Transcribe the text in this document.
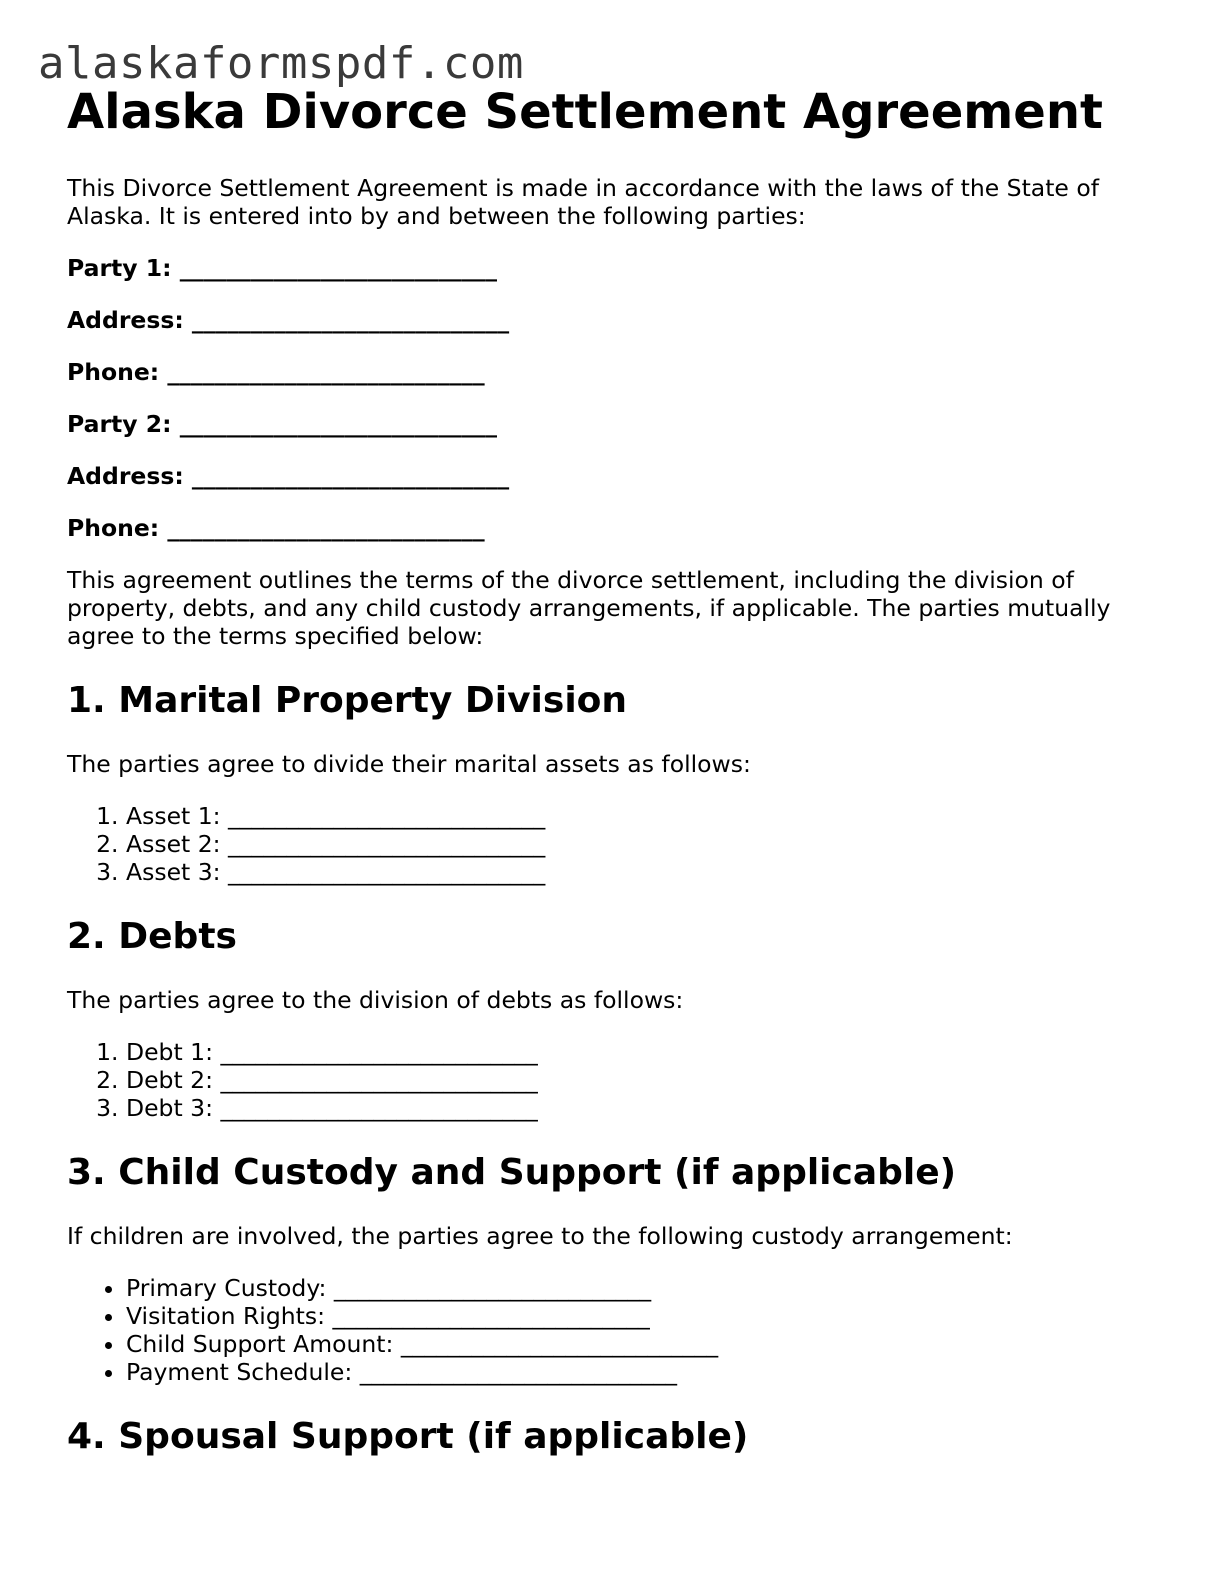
alaskaformspdf.com
Alaska Divorce Settlement Agreement

This Divorce Settlement Agreement is made in accordance with the laws of the State of Alaska. It is entered into by and between the following parties:

Party 1: ___________________________

Address: ___________________________

Phone: ___________________________

Party 2: ___________________________

Address: ___________________________

Phone: ___________________________

This agreement outlines the terms of the divorce settlement, including the division of property, debts, and any child custody arrangements, if applicable. The parties mutually agree to the terms specified below:

1. Marital Property Division

The parties agree to divide their marital assets as follows:

1. Asset 1: ___________________________
2. Asset 2: ___________________________
3. Asset 3: ___________________________
2. Debts

The parties agree to the division of debts as follows:

1. Debt 1: ___________________________
2. Debt 2: ___________________________
3. Debt 3: ___________________________
3. Child Custody and Support (if applicable)

If children are involved, the parties agree to the following custody arrangement:

• Primary Custody: ___________________________
• Visitation Rights: ___________________________
• Child Support Amount: ___________________________
• Payment Schedule: ___________________________
4. Spousal Support (if applicable)
